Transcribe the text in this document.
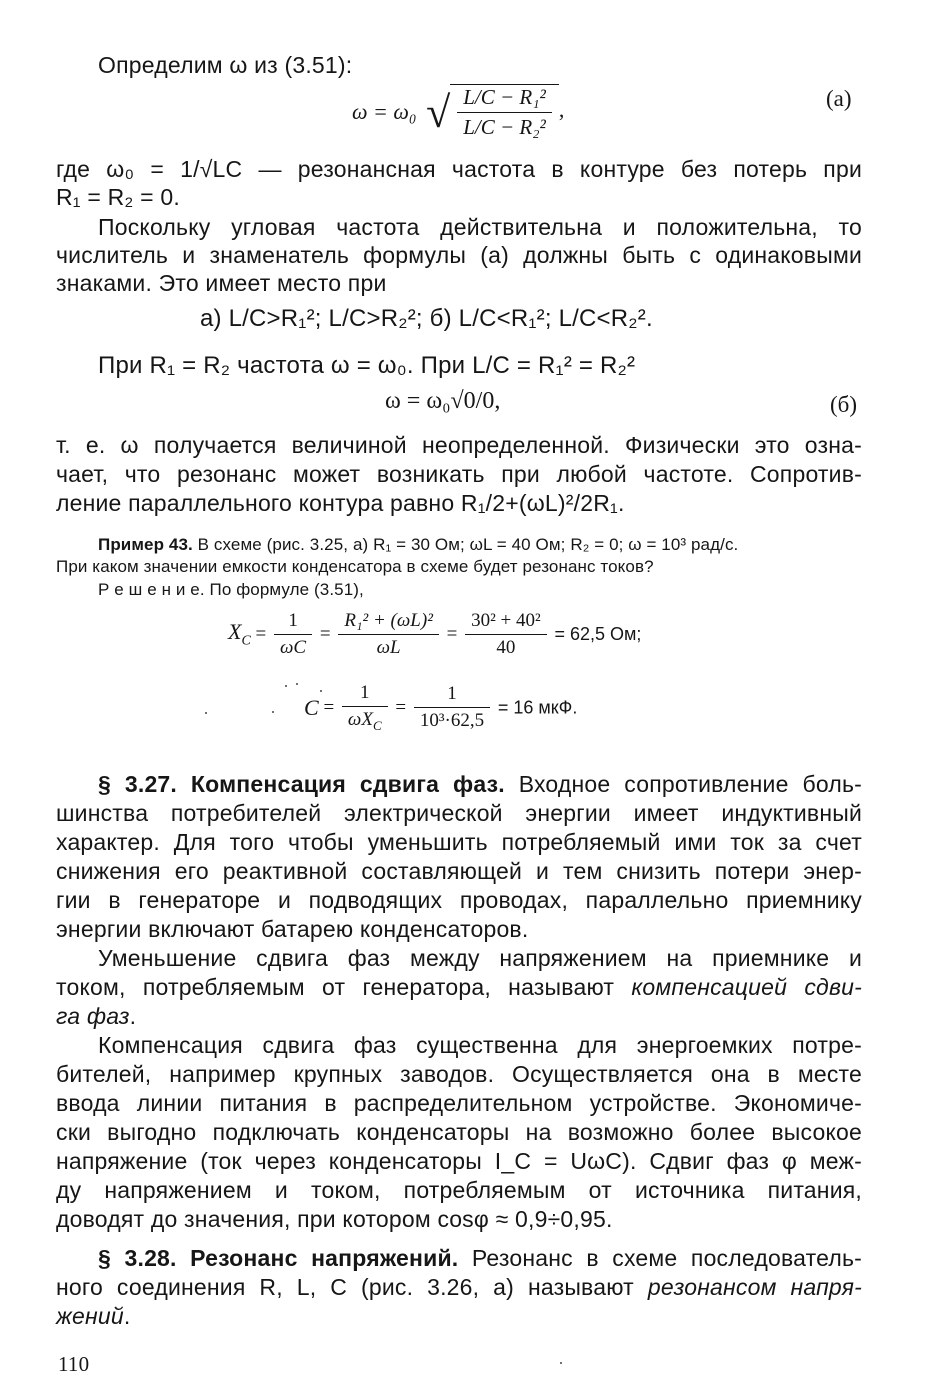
Определим ω из (3.51):
ω = ω₀ √ $\frac{\text{L/C − R₁²}}{\text{L/C − R₂²}}$ ,	(а)
где ω₀ = 1/√LC — резонансная частота в контуре без потерь при
R₁ = R₂ = 0.
Поскольку угловая частота действительна и положительна, то
числитель и знаменатель формулы (а) должны быть с одинаковыми
знаками. Это имеет место при
а) L/C>R₁²; L/C>R₂²; б) L/C<R₁²; L/C<R₂².
При R₁ = R₂ частота ω = ω₀. При L/C = R₁² = R₂²
ω = ω₀√0/0,	(б)
т. е. ω получается величиной неопределенной. Физически это озна-
чает, что резонанс может возникать при любой частоте. Сопротив-
ление параллельного контура равно R₁/2+(ωL)²/2R₁.
Пример 43. В схеме (рис. 3.25, а) R₁ = 30 Ом; ωL = 40 Ом; R₂ = 0; ω = 10³ рад/с.
При каком значении емкости конденсатора в схеме будет резонанс токов?
Р е ш е н и е. По формуле (3.51),
$X_C = \frac{1}{\omega C} = \frac{\text{R₁² + (ωL)²}}{\omega L} = \frac{\text{30² + 40²}}{40} = 62,5$ Ом;
$C = \frac{1}{\omega X_C} = \frac{1}{\text{10³·62,5}} = 16$ мкФ.
§ 3.27. Компенсация сдвига фаз. Входное сопротивление боль-
шинства потребителей электрической энергии имеет индуктивный
характер. Для того чтобы уменьшить потребляемый ими ток за счет
снижения его реактивной составляющей и тем снизить потери энер-
гии в генераторе и подводящих проводах, параллельно приемнику
энергии включают батарею конденсаторов.
Уменьшение сдвига фаз между напряжением на приемнике и
током, потребляемым от генератора, называют компенсацией сдви-
га фаз.
Компенсация сдвига фаз существенна для энергоемких потре-
бителей, например крупных заводов. Осуществляется она в месте
ввода линии питания в распределительном устройстве. Экономиче-
ски выгодно подключать конденсаторы на возможно более высокое
напряжение (ток через конденсаторы I_C = UωC). Сдвиг фаз φ меж-
ду напряжением и током, потребляемым от источника питания,
доводят до значения, при котором cosφ ≈ 0,9÷0,95.
§ 3.28. Резонанс напряжений. Резонанс в схеме последователь-
ного соединения R, L, C (рис. 3.26, а) называют резонансом напря-
жений.
110
